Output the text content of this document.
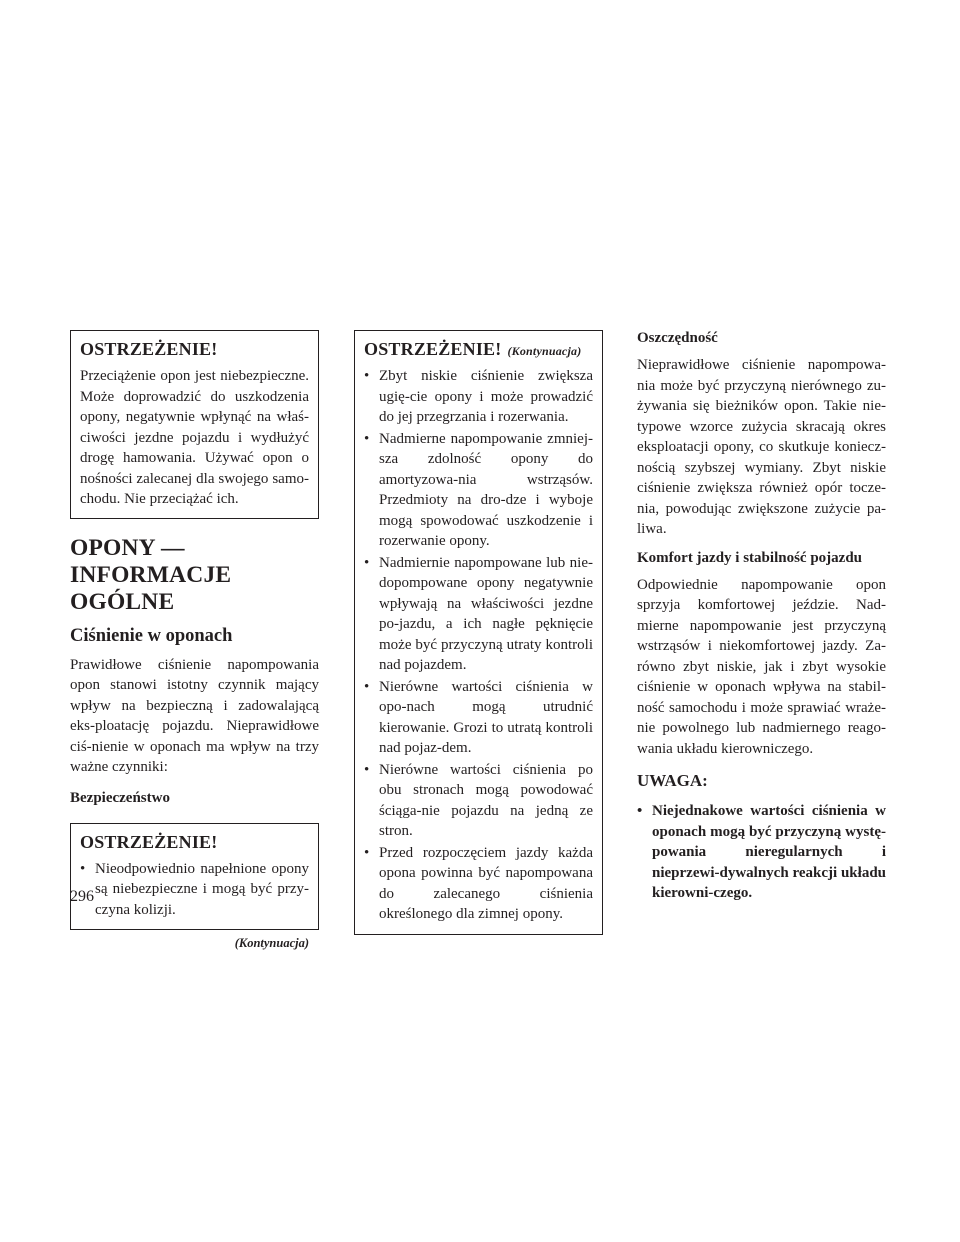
OSTRZEŻENIE!

Przeciążenie opon jest niebezpieczne. Może doprowadzić do uszkodzenia opony, negatywnie wpłynąć na właś-ciwości jezdne pojazdu i wydłużyć drogę hamowania. Używać opon o nośności zalecanej dla swojego samo-chodu. Nie przeciążać ich.

OPONY — INFORMACJE OGÓLNE
Ciśnienie w oponach

Prawidłowe ciśnienie napompowania opon stanowi istotny czynnik mający wpływ na bezpieczną i zadowalającą eks-ploatację pojazdu. Nieprawidłowe ciś-nienie w oponach ma wpływ na trzy ważne czynniki:

Bezpieczeństwo
OSTRZEŻENIE!
• Nieodpowiednio napełnione opony są niebezpieczne i mogą być przy-czyna kolizji.
(Kontynuacja)
OSTRZEŻENIE! (Kontynuacja)
• Zbyt niskie ciśnienie zwiększa ugię-cie opony i może prowadzić do jej przegrzania i rozerwania.
• Nadmierne napompowanie zmniej-sza zdolność opony do amortyzowa-nia wstrząsów. Przedmioty na dro-dze i wyboje mogą spowodować uszkodzenie i rozerwanie opony.
• Nadmiernie napompowane lub nie-dopompowane opony negatywnie wpływają na właściwości jezdne po-jazdu, a ich nagłe pęknięcie może być przyczyną utraty kontroli nad pojazdem.
• Nierówne wartości ciśnienia w opo-nach mogą utrudnić kierowanie. Grozi to utratą kontroli nad pojaz-dem.
• Nierówne wartości ciśnienia po obu stronach mogą powodować ściąga-nie pojazdu na jedną ze stron.
• Przed rozpoczęciem jazdy każda opona powinna być napompowana do zalecanego ciśnienia określonego dla zimnej opony.
Oszczędność

Nieprawidłowe ciśnienie napompowa-nia może być przyczyną nierównego zu-żywania się bieżników opon. Takie nie-typowe wzorce zużycia skracają okres eksploatacji opony, co skutkuje koniecz-nością szybszej wymiany. Zbyt niskie ciśnienie zwiększa również opór tocze-nia, powodując zwiększone zużycie pa-liwa.

Komfort jazdy i stabilność pojazdu

Odpowiednie napompowanie opon sprzyja komfortowej jeździe. Nad-mierne napompowanie jest przyczyną wstrząsów i niekomfortowej jazdy. Za-równo zbyt niskie, jak i zbyt wysokie ciśnienie w oponach wpływa na stabil-ność samochodu i może sprawiać wraże-nie powolnego lub nadmiernego reago-wania układu kierowniczego.

UWAGA:
• Niejednakowe wartości ciśnienia w oponach mogą być przyczyną wystę-powania nieregularnych i nieprzewi-dywalnych reakcji układu kierowni-czego.
296
